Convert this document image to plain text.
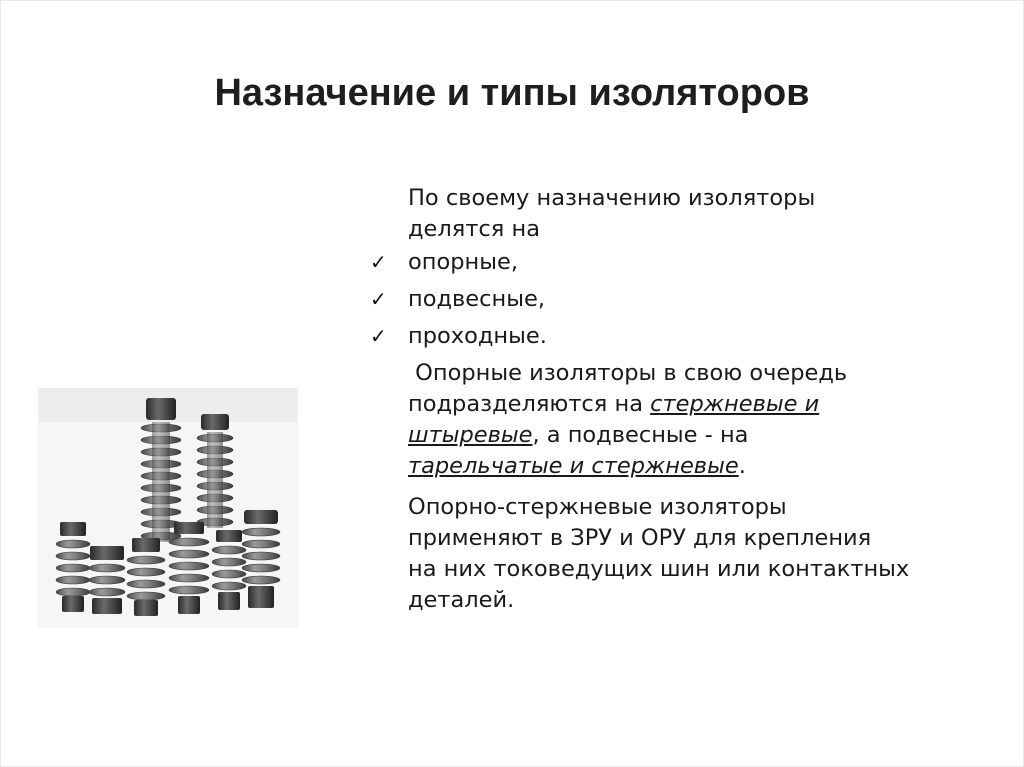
Назначение и типы изоляторов

По своему назначению изоляторы
делятся на

✓ опорные,
✓ подвесные,
✓ проходные.

Опорные изоляторы в свою очередь
подразделяются на стержневые и
штыревые, а подвесные - на
тарельчатые и стержневые.

Опорно-стержневые изоляторы
применяют в ЗРУ и ОРУ для крепления
на них токоведущих шин или контактных
деталей.
